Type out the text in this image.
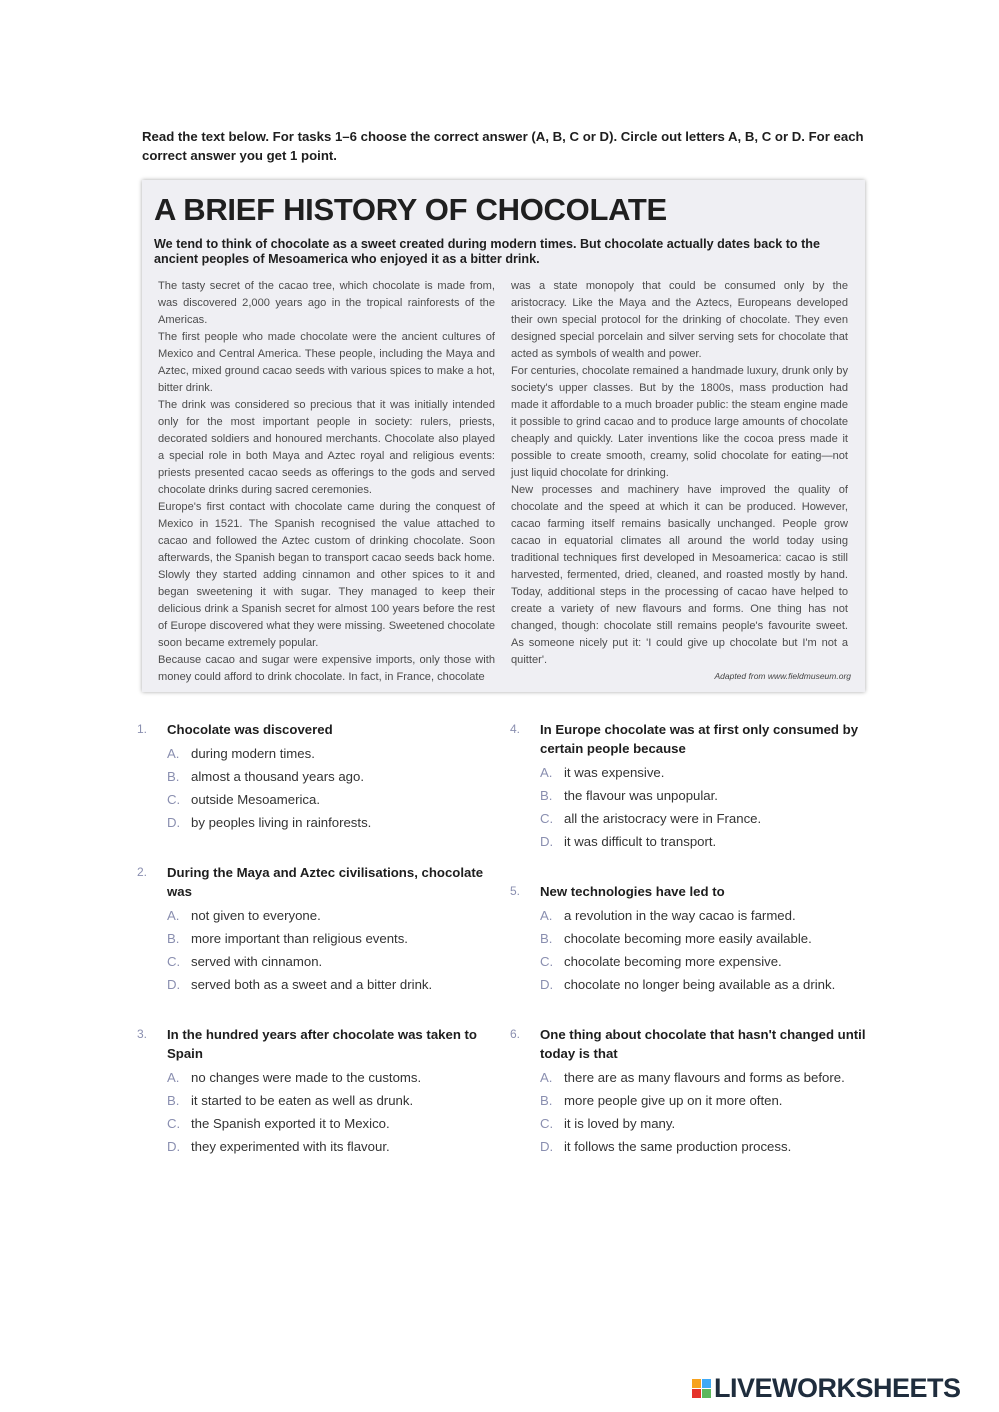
Read the text below. For tasks 1–6 choose the correct answer (A, B, C or D). Circle out letters A, B, C or D. For each correct answer you get 1 point.

A BRIEF HISTORY OF CHOCOLATE

We tend to think of chocolate as a sweet created during modern times. But chocolate actually dates back to the ancient peoples of Mesoamerica who enjoyed it as a bitter drink.

The tasty secret of the cacao tree, which chocolate is made from, was discovered 2,000 years ago in the tropical rainforests of the Americas.

The first people who made chocolate were the ancient cultures of Mexico and Central America. These people, including the Maya and Aztec, mixed ground cacao seeds with various spices to make a hot, bitter drink.

The drink was considered so precious that it was initially intended only for the most important people in society: rulers, priests, decorated soldiers and honoured merchants. Chocolate also played a special role in both Maya and Aztec royal and religious events: priests presented cacao seeds as offerings to the gods and served chocolate drinks during sacred ceremonies.

Europe's first contact with chocolate came during the conquest of Mexico in 1521. The Spanish recognised the value attached to cacao and followed the Aztec custom of drinking chocolate. Soon afterwards, the Spanish began to transport cacao seeds back home. Slowly they started adding cinnamon and other spices to it and began sweetening it with sugar. They managed to keep their delicious drink a Spanish secret for almost 100 years before the rest of Europe discovered what they were missing. Sweetened chocolate soon became extremely popular.

Because cacao and sugar were expensive imports, only those with money could afford to drink chocolate. In fact, in France, chocolate

was a state monopoly that could be consumed only by the aristocracy. Like the Maya and the Aztecs, Europeans developed their own special protocol for the drinking of chocolate. They even designed special porcelain and silver serving sets for chocolate that acted as symbols of wealth and power.

For centuries, chocolate remained a handmade luxury, drunk only by society's upper classes. But by the 1800s, mass production had made it affordable to a much broader public: the steam engine made it possible to grind cacao and to produce large amounts of chocolate cheaply and quickly. Later inventions like the cocoa press made it possible to create smooth, creamy, solid chocolate for eating—not just liquid chocolate for drinking.

New processes and machinery have improved the quality of chocolate and the speed at which it can be produced. However, cacao farming itself remains basically unchanged. People grow cacao in equatorial climates all around the world today using traditional techniques first developed in Mesoamerica: cacao is still harvested, fermented, dried, cleaned, and roasted mostly by hand. Today, additional steps in the processing of cacao have helped to create a variety of new flavours and forms. One thing has not changed, though: chocolate still remains people's favourite sweet. As someone nicely put it: 'I could give up chocolate but I'm not a quitter'.

Adapted from www.fieldmuseum.org
1. Chocolate was discovered

A. during modern times.
B. almost a thousand years ago.
C. outside Mesoamerica.
D. by peoples living in rainforests.
2. During the Maya and Aztec civilisations, chocolate was

A. not given to everyone.
B. more important than religious events.
C. served with cinnamon.
D. served both as a sweet and a bitter drink.
3. In the hundred years after chocolate was taken to Spain

A. no changes were made to the customs.
B. it started to be eaten as well as drunk.
C. the Spanish exported it to Mexico.
D. they experimented with its flavour.
4. In Europe chocolate was at first only consumed by certain people because

A. it was expensive.
B. the flavour was unpopular.
C. all the aristocracy were in France.
D. it was difficult to transport.
5. New technologies have led to

A. a revolution in the way cacao is farmed.
B. chocolate becoming more easily available.
C. chocolate becoming more expensive.
D. chocolate no longer being available as a drink.
6. One thing about chocolate that hasn't changed until today is that

A. there are as many flavours and forms as before.
B. more people give up on it more often.
C. it is loved by many.
D. it follows the same production process.
LIVEWORKSHEETS
